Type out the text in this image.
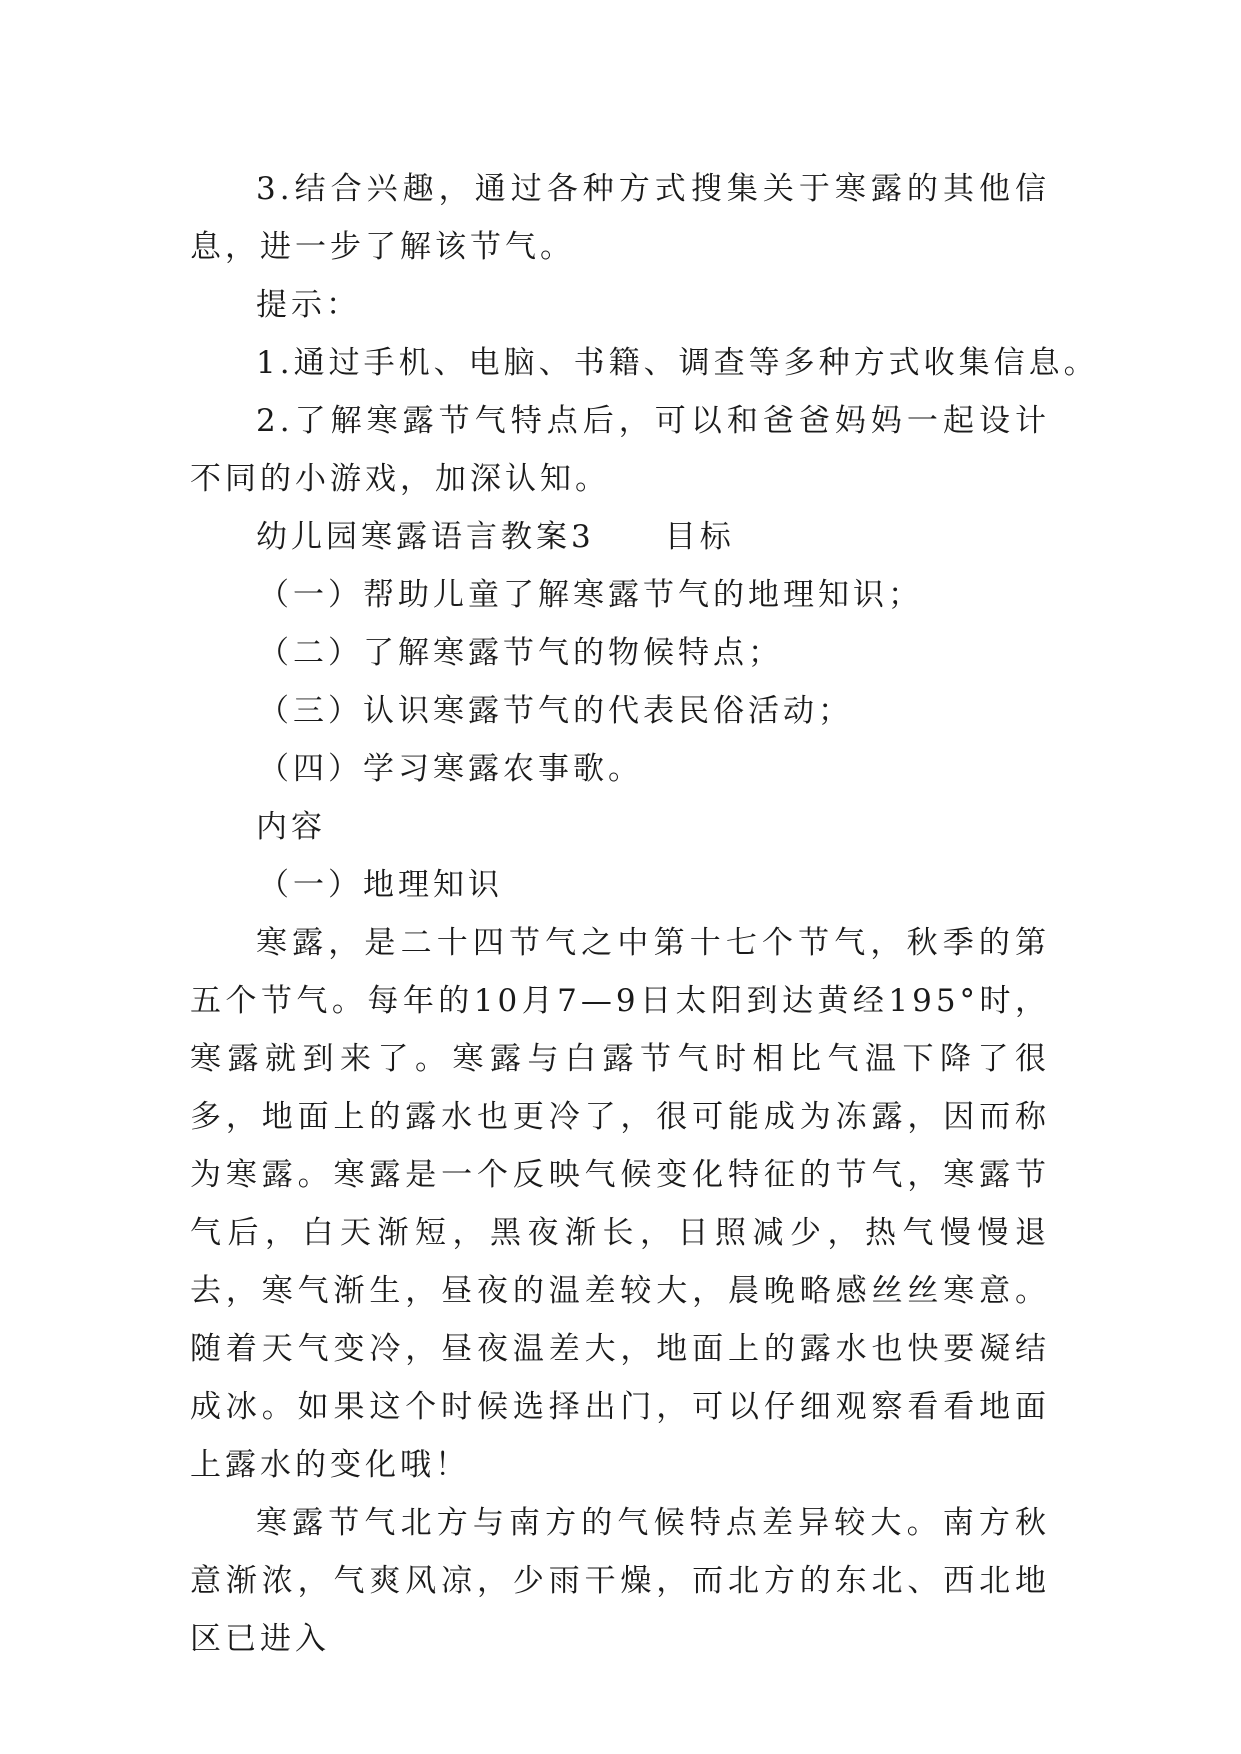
3.结合兴趣，通过各种方式搜集关于寒露的其他信息，进一步了解该节气。

提示：

1.通过手机、电脑、书籍、调查等多种方式收集信息。

2.了解寒露节气特点后，可以和爸爸妈妈一起设计不同的小游戏，加深认知。

幼儿园寒露语言教案3　　目标

（一）帮助儿童了解寒露节气的地理知识；

（二）了解寒露节气的物候特点；

（三）认识寒露节气的代表民俗活动；

（四）学习寒露农事歌。

内容

（一）地理知识

寒露，是二十四节气之中第十七个节气，秋季的第五个节气。每年的10月7—9日太阳到达黄经195°时，寒露就到来了。寒露与白露节气时相比气温下降了很多，地面上的露水也更冷了，很可能成为冻露，因而称为寒露。寒露是一个反映气候变化特征的节气，寒露节气后，白天渐短，黑夜渐长，日照减少，热气慢慢退去，寒气渐生，昼夜的温差较大，晨晚略感丝丝寒意。随着天气变冷，昼夜温差大，地面上的露水也快要凝结成冰。如果这个时候选择出门，可以仔细观察看看地面上露水的变化哦！

寒露节气北方与南方的气候特点差异较大。南方秋意渐浓，气爽风凉，少雨干燥，而北方的东北、西北地区已进入
